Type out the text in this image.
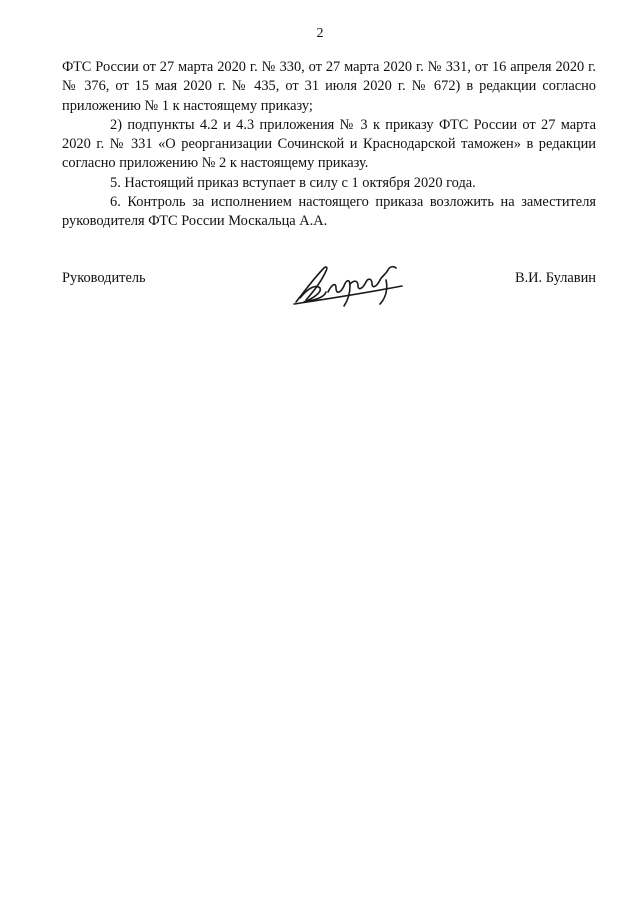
2

ФТС России от 27 марта 2020 г. № 330, от 27 марта 2020 г. № 331, от 16 апреля 2020 г. № 376, от 15 мая 2020 г. № 435, от 31 июля 2020 г. № 672) в редакции согласно приложению № 1 к настоящему приказу;

2) подпункты 4.2 и 4.3 приложения № 3 к приказу ФТС России от 27 марта 2020 г. № 331 «О реорганизации Сочинской и Краснодарской таможен» в редакции согласно приложению № 2 к настоящему приказу.

5. Настоящий приказ вступает в силу с 1 октября 2020 года.

6. Контроль за исполнением настоящего приказа возложить на заместителя руководителя ФТС России Москальца А.А.

Руководитель	В.И. Булавин
